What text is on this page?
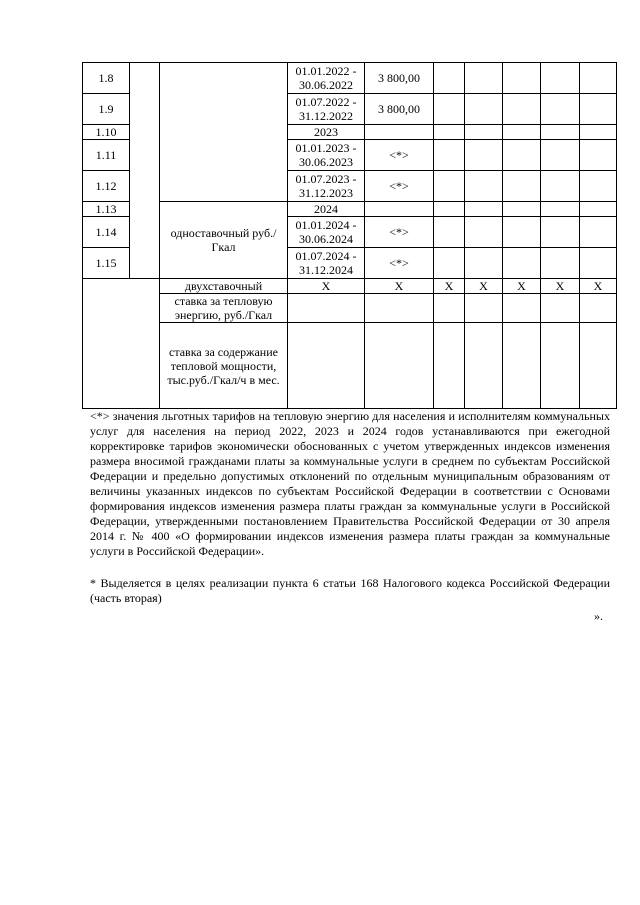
1.8			01.01.2022 - 30.06.2022	3 800,00					
1.9			01.07.2022 - 31.12.2022	3 800,00					
1.10			2023						
1.11			01.01.2023 - 30.06.2023	<*>					
1.12			01.07.2023 - 31.12.2023	<*>					
1.13		одноставочный руб./Гкал	2024						
1.14			01.01.2024 - 30.06.2024	<*>					
1.15			01.07.2024 - 31.12.2024	<*>					
		двухставочный	X	X	X	X	X	X	X
		ставка за тепловую энергию, руб./Гкал							
		ставка за содержание тепловой мощности, тыс.руб./Гкал/ч в мес.							

<*> значения льготных тарифов на тепловую энергию для населения и исполнителям коммунальных услуг для населения на период 2022, 2023 и 2024 годов устанавливаются при ежегодной корректировке тарифов экономически обоснованных с учетом утвержденных индексов изменения размера вносимой гражданами платы за коммунальные услуги в среднем по субъектам Российской Федерации и предельно допустимых отклонений по отдельным муниципальным образованиям от величины указанных индексов по субъектам Российской Федерации в соответствии с Основами формирования индексов изменения размера платы граждан за коммунальные услуги в Российской Федерации, утвержденными постановлением Правительства Российской Федерации от 30 апреля 2014 г. № 400 «О формировании индексов изменения размера платы граждан за коммунальные услуги в Российской Федерации».

* Выделяется в целях реализации пункта 6 статьи 168 Налогового кодекса Российской Федерации (часть вторая)

».
